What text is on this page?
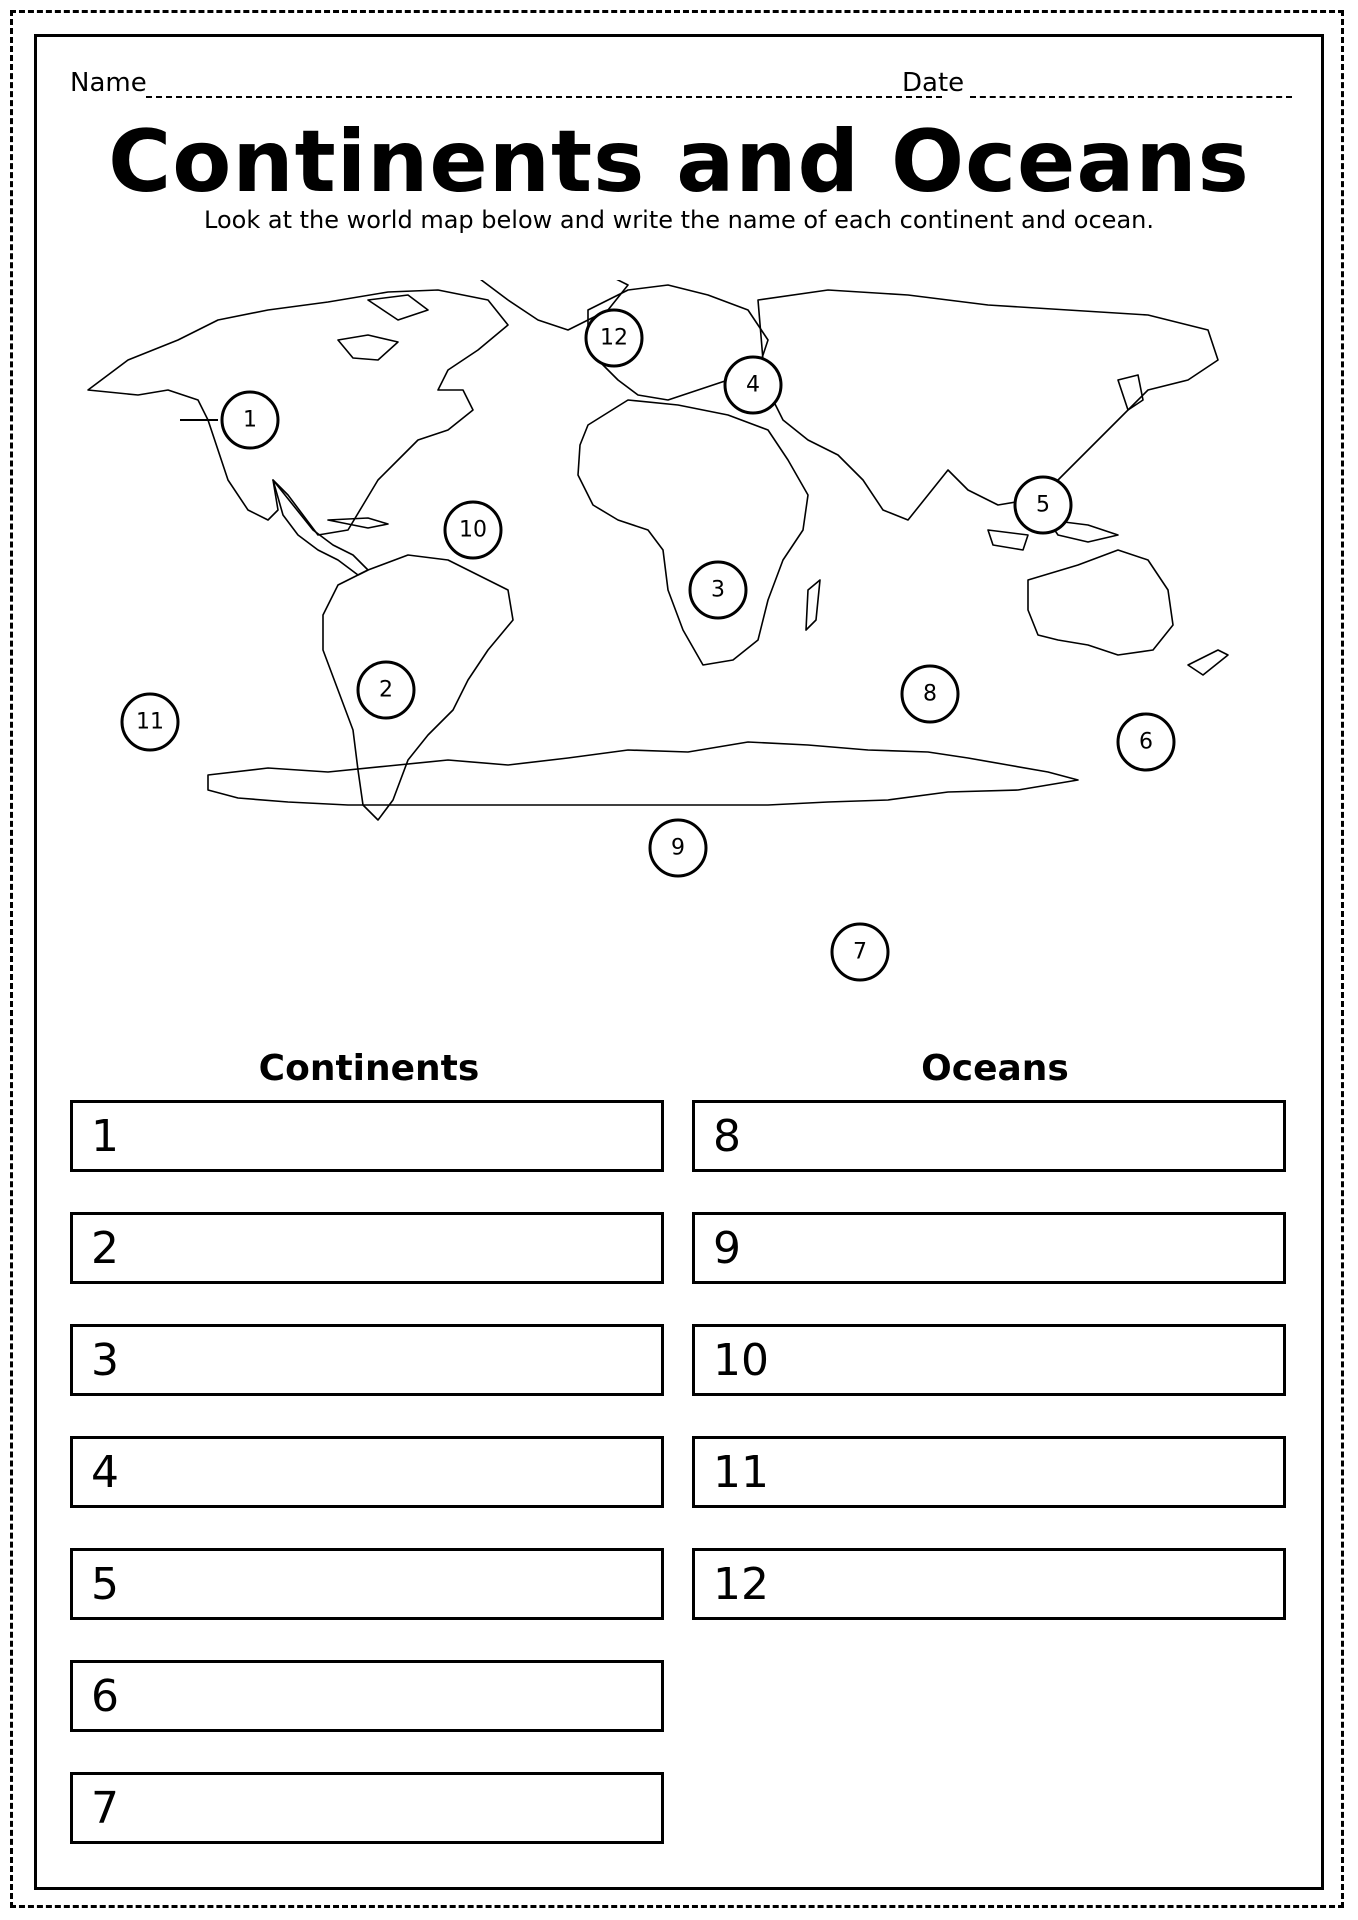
Name	Date
Continents and Oceans
Look at the world map below and write the name of each continent and ocean.
1
2
3
4
5
6
7
8
9
10
11
12
Continents	Oceans
1
2
3
4
5
6
7
8
9
10
11
12
